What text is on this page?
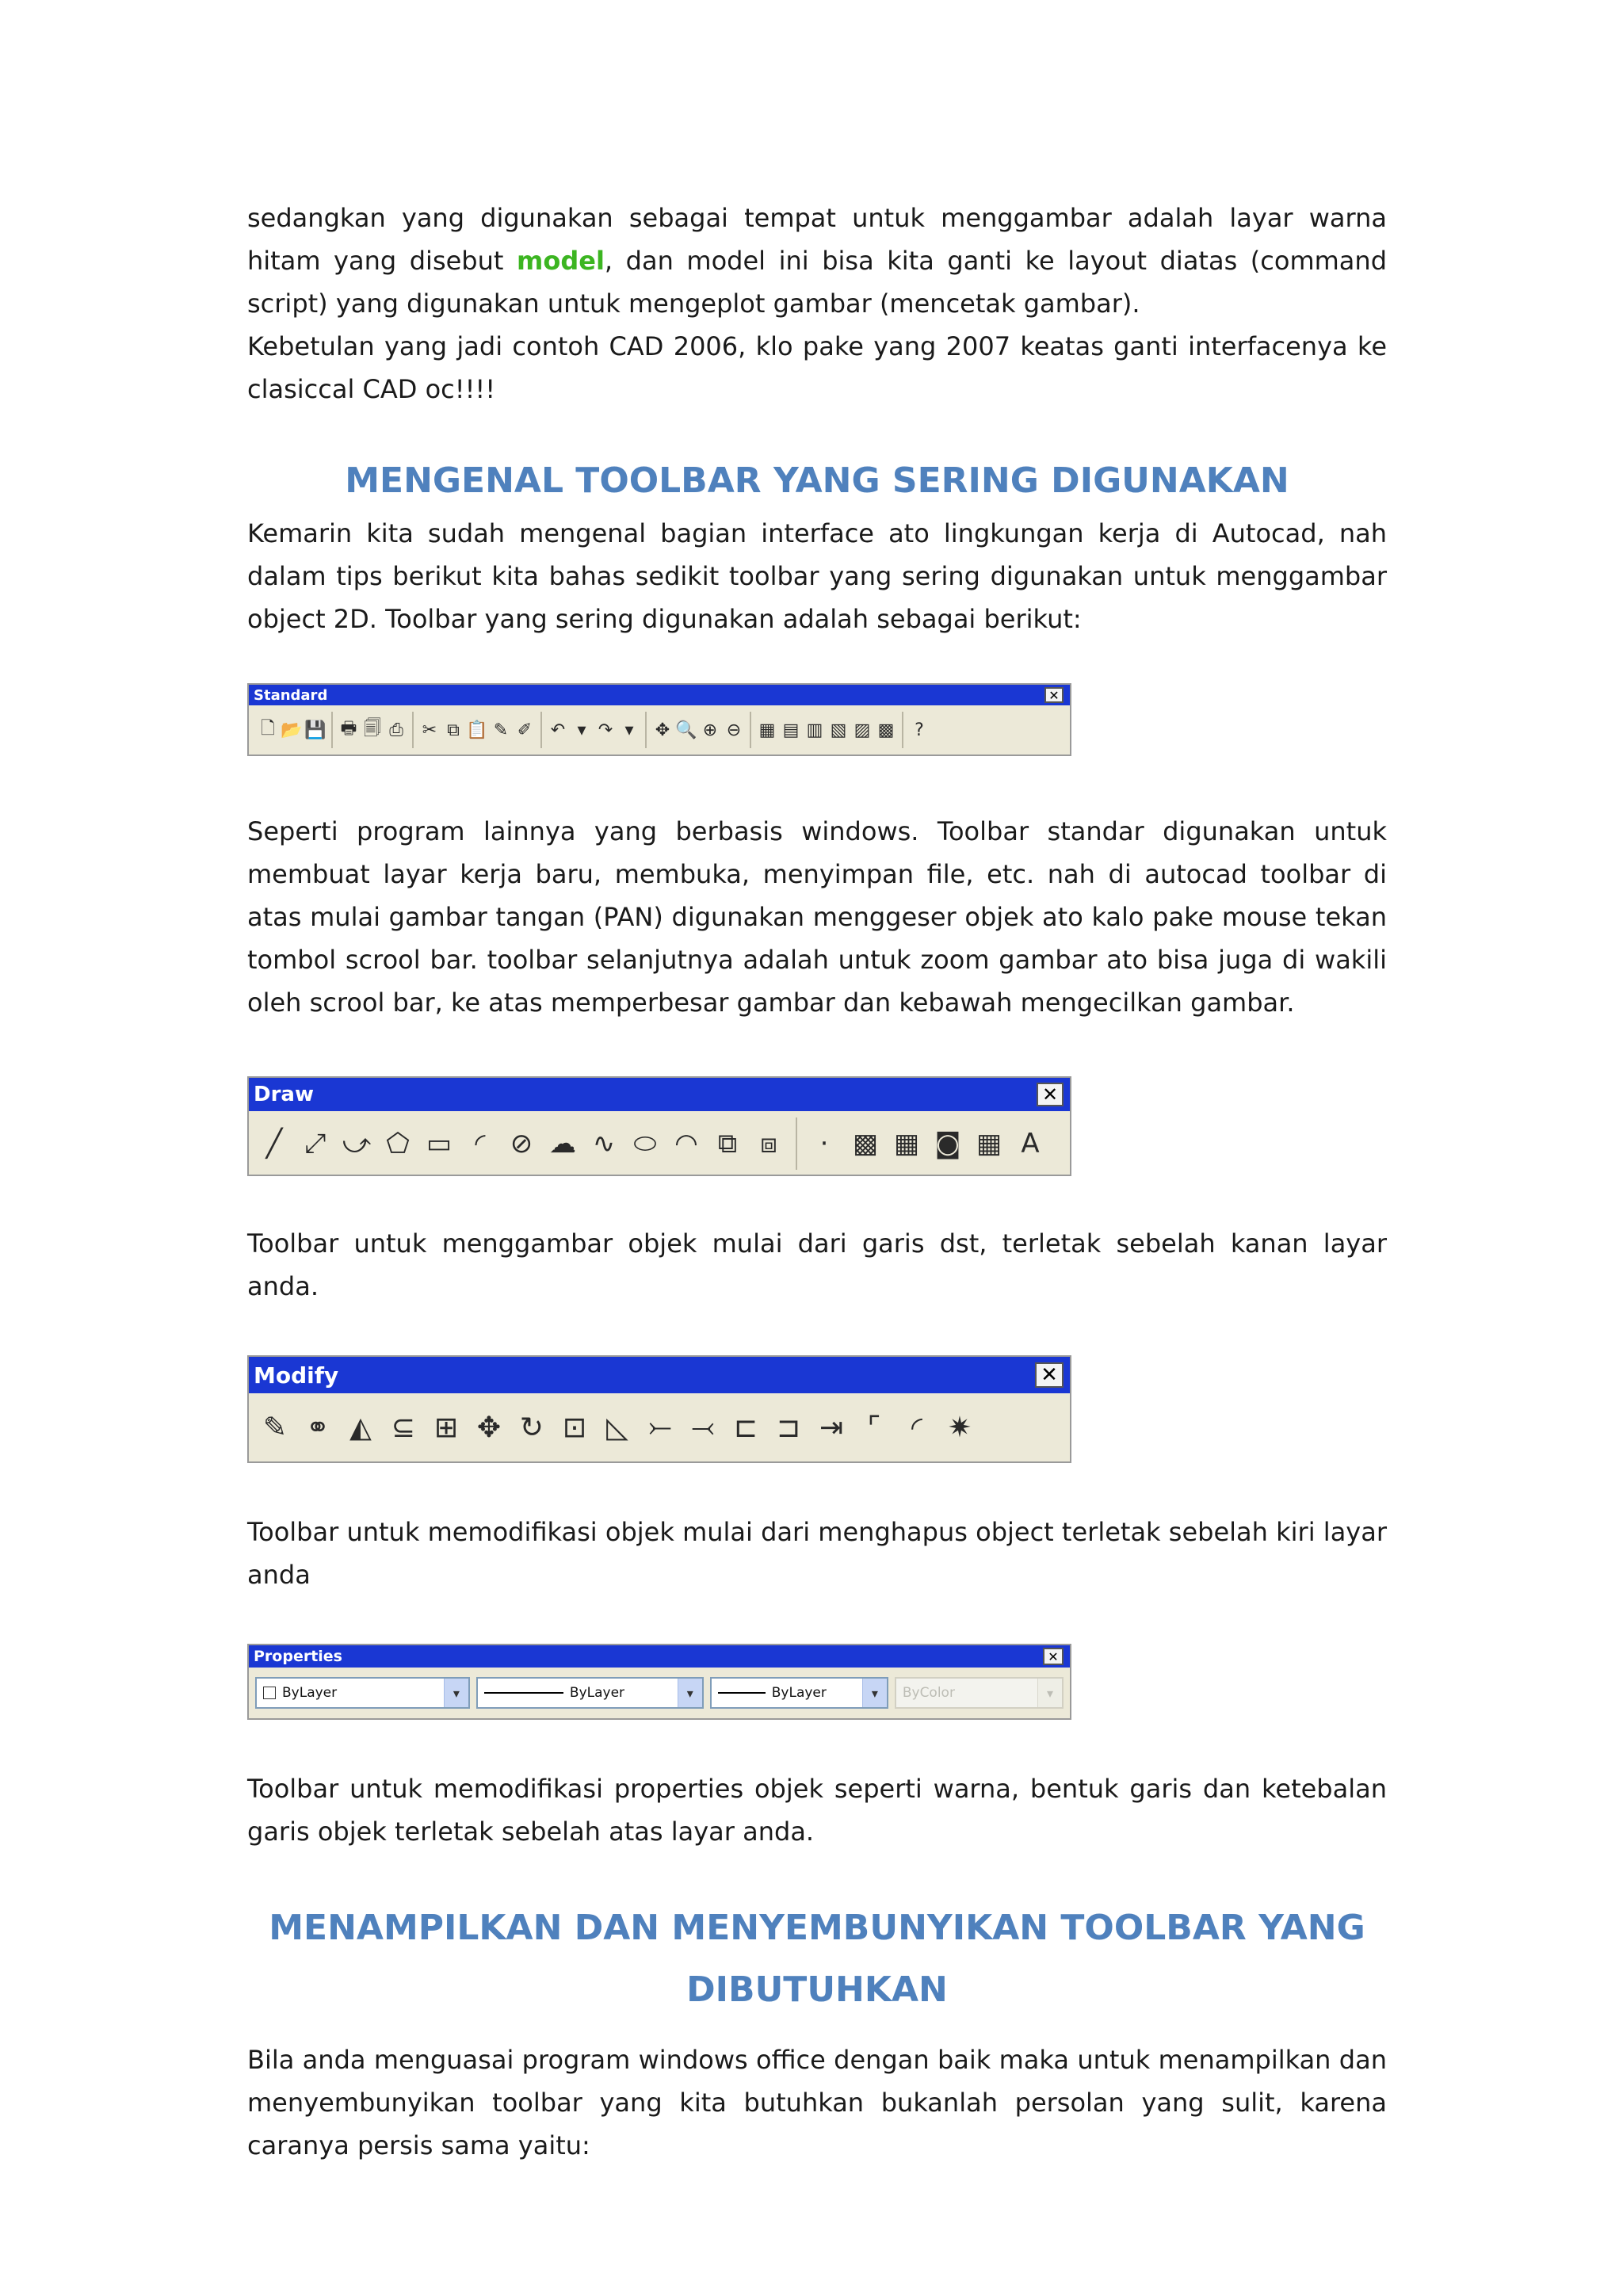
sedangkan yang digunakan sebagai tempat untuk menggambar adalah layar warna hitam yang disebut model, dan model ini bisa kita ganti ke layout diatas (command script) yang digunakan untuk mengeplot gambar (mencetak gambar).

Kebetulan yang jadi contoh CAD 2006, klo pake yang 2007 keatas ganti interfacenya ke clasiccal CAD oc!!!!

MENGENAL TOOLBAR YANG SERING DIGUNAKAN

Kemarin kita sudah mengenal bagian interface ato lingkungan kerja di Autocad, nah dalam tips berikut kita bahas sedikit toolbar yang sering digunakan untuk menggambar object 2D. Toolbar yang sering digunakan adalah sebagai berikut:

Standard	✕
🗋 📂 💾 🖶 🗐 ⎙ ✂ ⧉ 📋 ✎ ✐ ↶ ▾ ↷ ▾	✥ 🔍 ⊕ ⊖ ▦ ▤ ▥ ▧ ▨ ▩	?

Seperti program lainnya yang berbasis windows. Toolbar standar digunakan untuk membuat layar kerja baru, membuka, menyimpan file, etc. nah di autocad toolbar di atas mulai gambar tangan (PAN) digunakan menggeser objek ato kalo pake mouse tekan tombol scrool bar. toolbar selanjutnya adalah untuk zoom gambar ato bisa juga di wakili oleh scrool bar, ke atas memperbesar gambar dan kebawah mengecilkan gambar.

Draw	✕
╱ ⤢ ⤻ ⬠ ▭ ◜ ⊘ ☁ ∿ ⬭ ◠ ⧉ ⧈	· ▩ ▦ ◙ ▦ A

Toolbar untuk menggambar objek mulai dari garis dst, terletak sebelah kanan layar anda.

Modify	✕
✎ ⚭ ◭ ⊆ ⊞ ✥ ↻ ⊡ ◺ ⤚ ⤙ ⊏ ⊐ ⇥ ⌜	◜ ✷

Toolbar untuk memodifikasi objek mulai dari menghapus object terletak sebelah kiri layar anda

Properties	✕
ByLayer	▾	ByLayer	▾	ByLayer	▾	ByColor	▾

Toolbar untuk memodifikasi properties objek seperti warna, bentuk garis dan ketebalan garis objek terletak sebelah atas layar anda.

MENAMPILKAN DAN MENYEMBUNYIKAN TOOLBAR YANG DIBUTUHKAN

Bila anda menguasai program windows office dengan baik maka untuk menampilkan dan menyembunyikan toolbar yang kita butuhkan bukanlah persolan yang sulit, karena caranya persis sama yaitu:
